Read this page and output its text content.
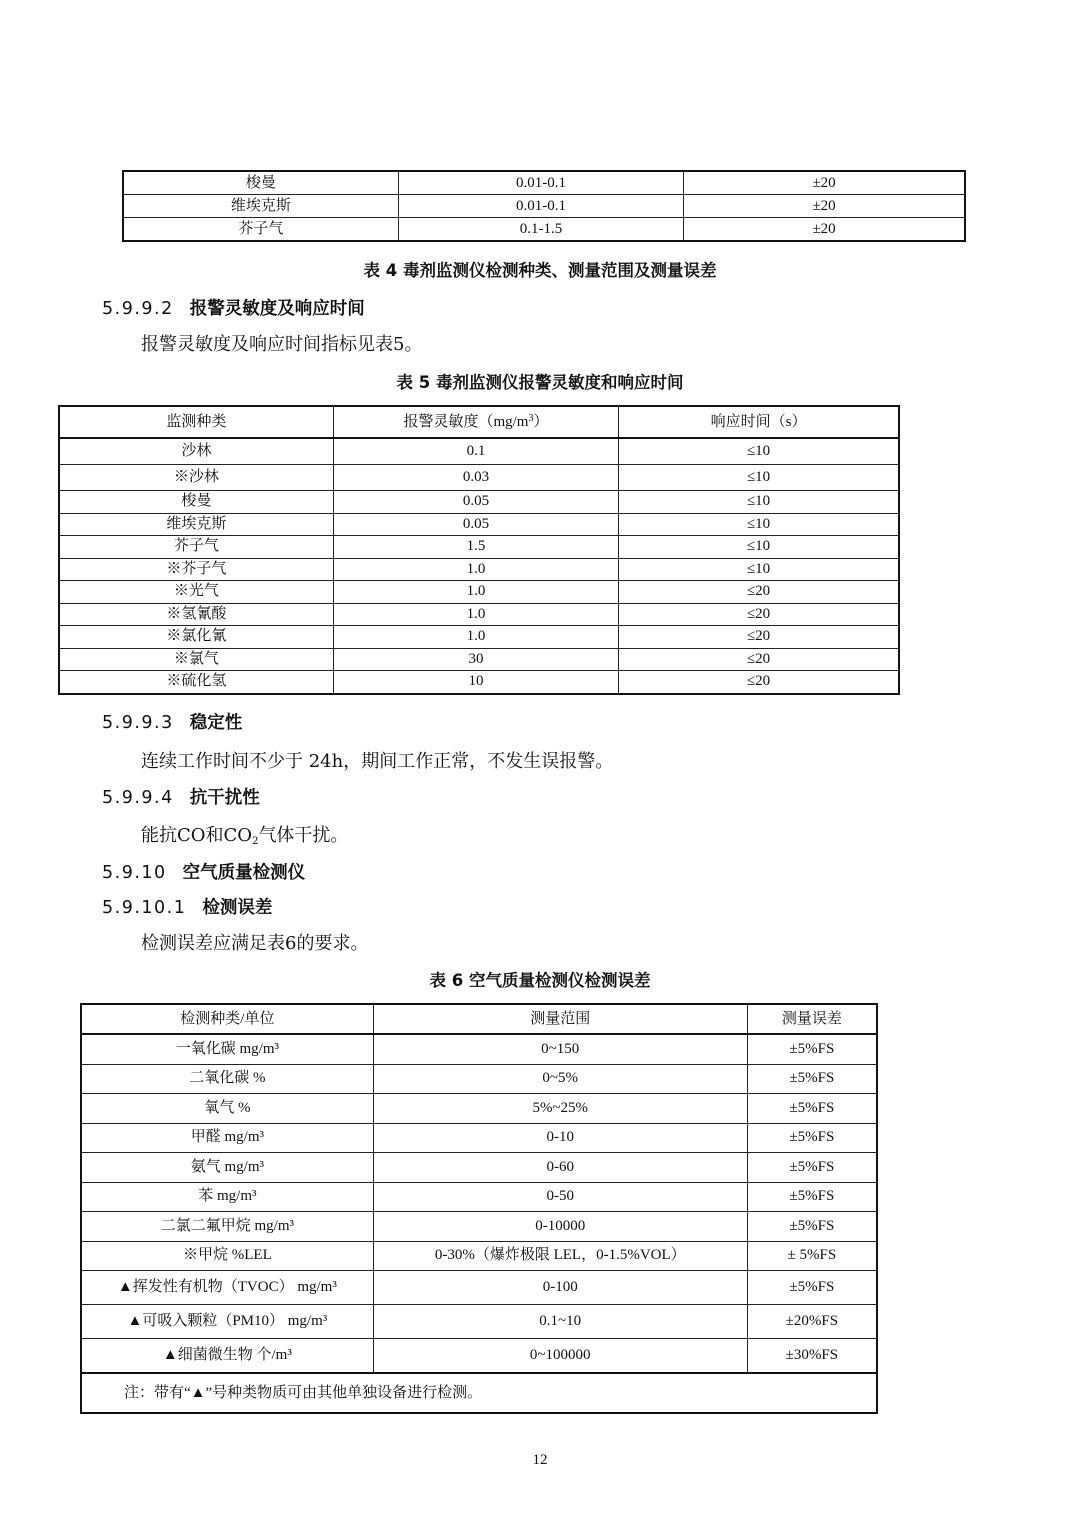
梭曼	0.01-0.1	±20
维埃克斯	0.01-0.1	±20
芥子气	0.1-1.5	±20
表 4 毒剂监测仪检测种类、测量范围及测量误差
5.9.9.2 报警灵敏度及响应时间
报警灵敏度及响应时间指标见表5。
表 5 毒剂监测仪报警灵敏度和响应时间
监测种类	报警灵敏度$(mg/m^3)$	响应时间（s）
沙林	0.1	≤10
※沙林	0.03	≤10
梭曼	0.05	≤10
维埃克斯	0.05	≤10
芥子气	1.5	≤10
※芥子气	1.0	≤10
※光气	1.0	≤20
※氢氰酸	1.0	≤20
※氯化氰	1.0	≤20
※氯气	30	≤20
※硫化氢	10	≤20
5.9.9.3 稳定性
连续工作时间不少于 24h，期间工作正常，不发生误报警。
5.9.9.4 抗干扰性
能抗CO和$CO_2$气体干扰。
5.9.10 空气质量检测仪
5.9.10.1 检测误差
检测误差应满足表6的要求。
表 6 空气质量检测仪检测误差
检测种类/单位	测量范围	测量误差
一氧化碳 mg/m³	0~150	±5%FS
二氧化碳 %	0~5%	±5%FS
氧气 %	5%~25%	±5%FS
甲醛 mg/m³	0-10	±5%FS
氨气 mg/m³	0-60	±5%FS
苯 mg/m³	0-50	±5%FS
二氯二氟甲烷 mg/m³	0-10000	±5%FS
※甲烷 %LEL	0-30%（爆炸极限 LEL，0-1.5%VOL）	± 5%FS
▲挥发性有机物（TVOC） mg/m³	0-100	±5%FS
▲可吸入颗粒（PM10） mg/m³	0.1~10	±20%FS
▲细菌微生物 个/m³	0~100000	±30%FS
注：带有“▲”号种类物质可由其他单独设备进行检测。		
12
